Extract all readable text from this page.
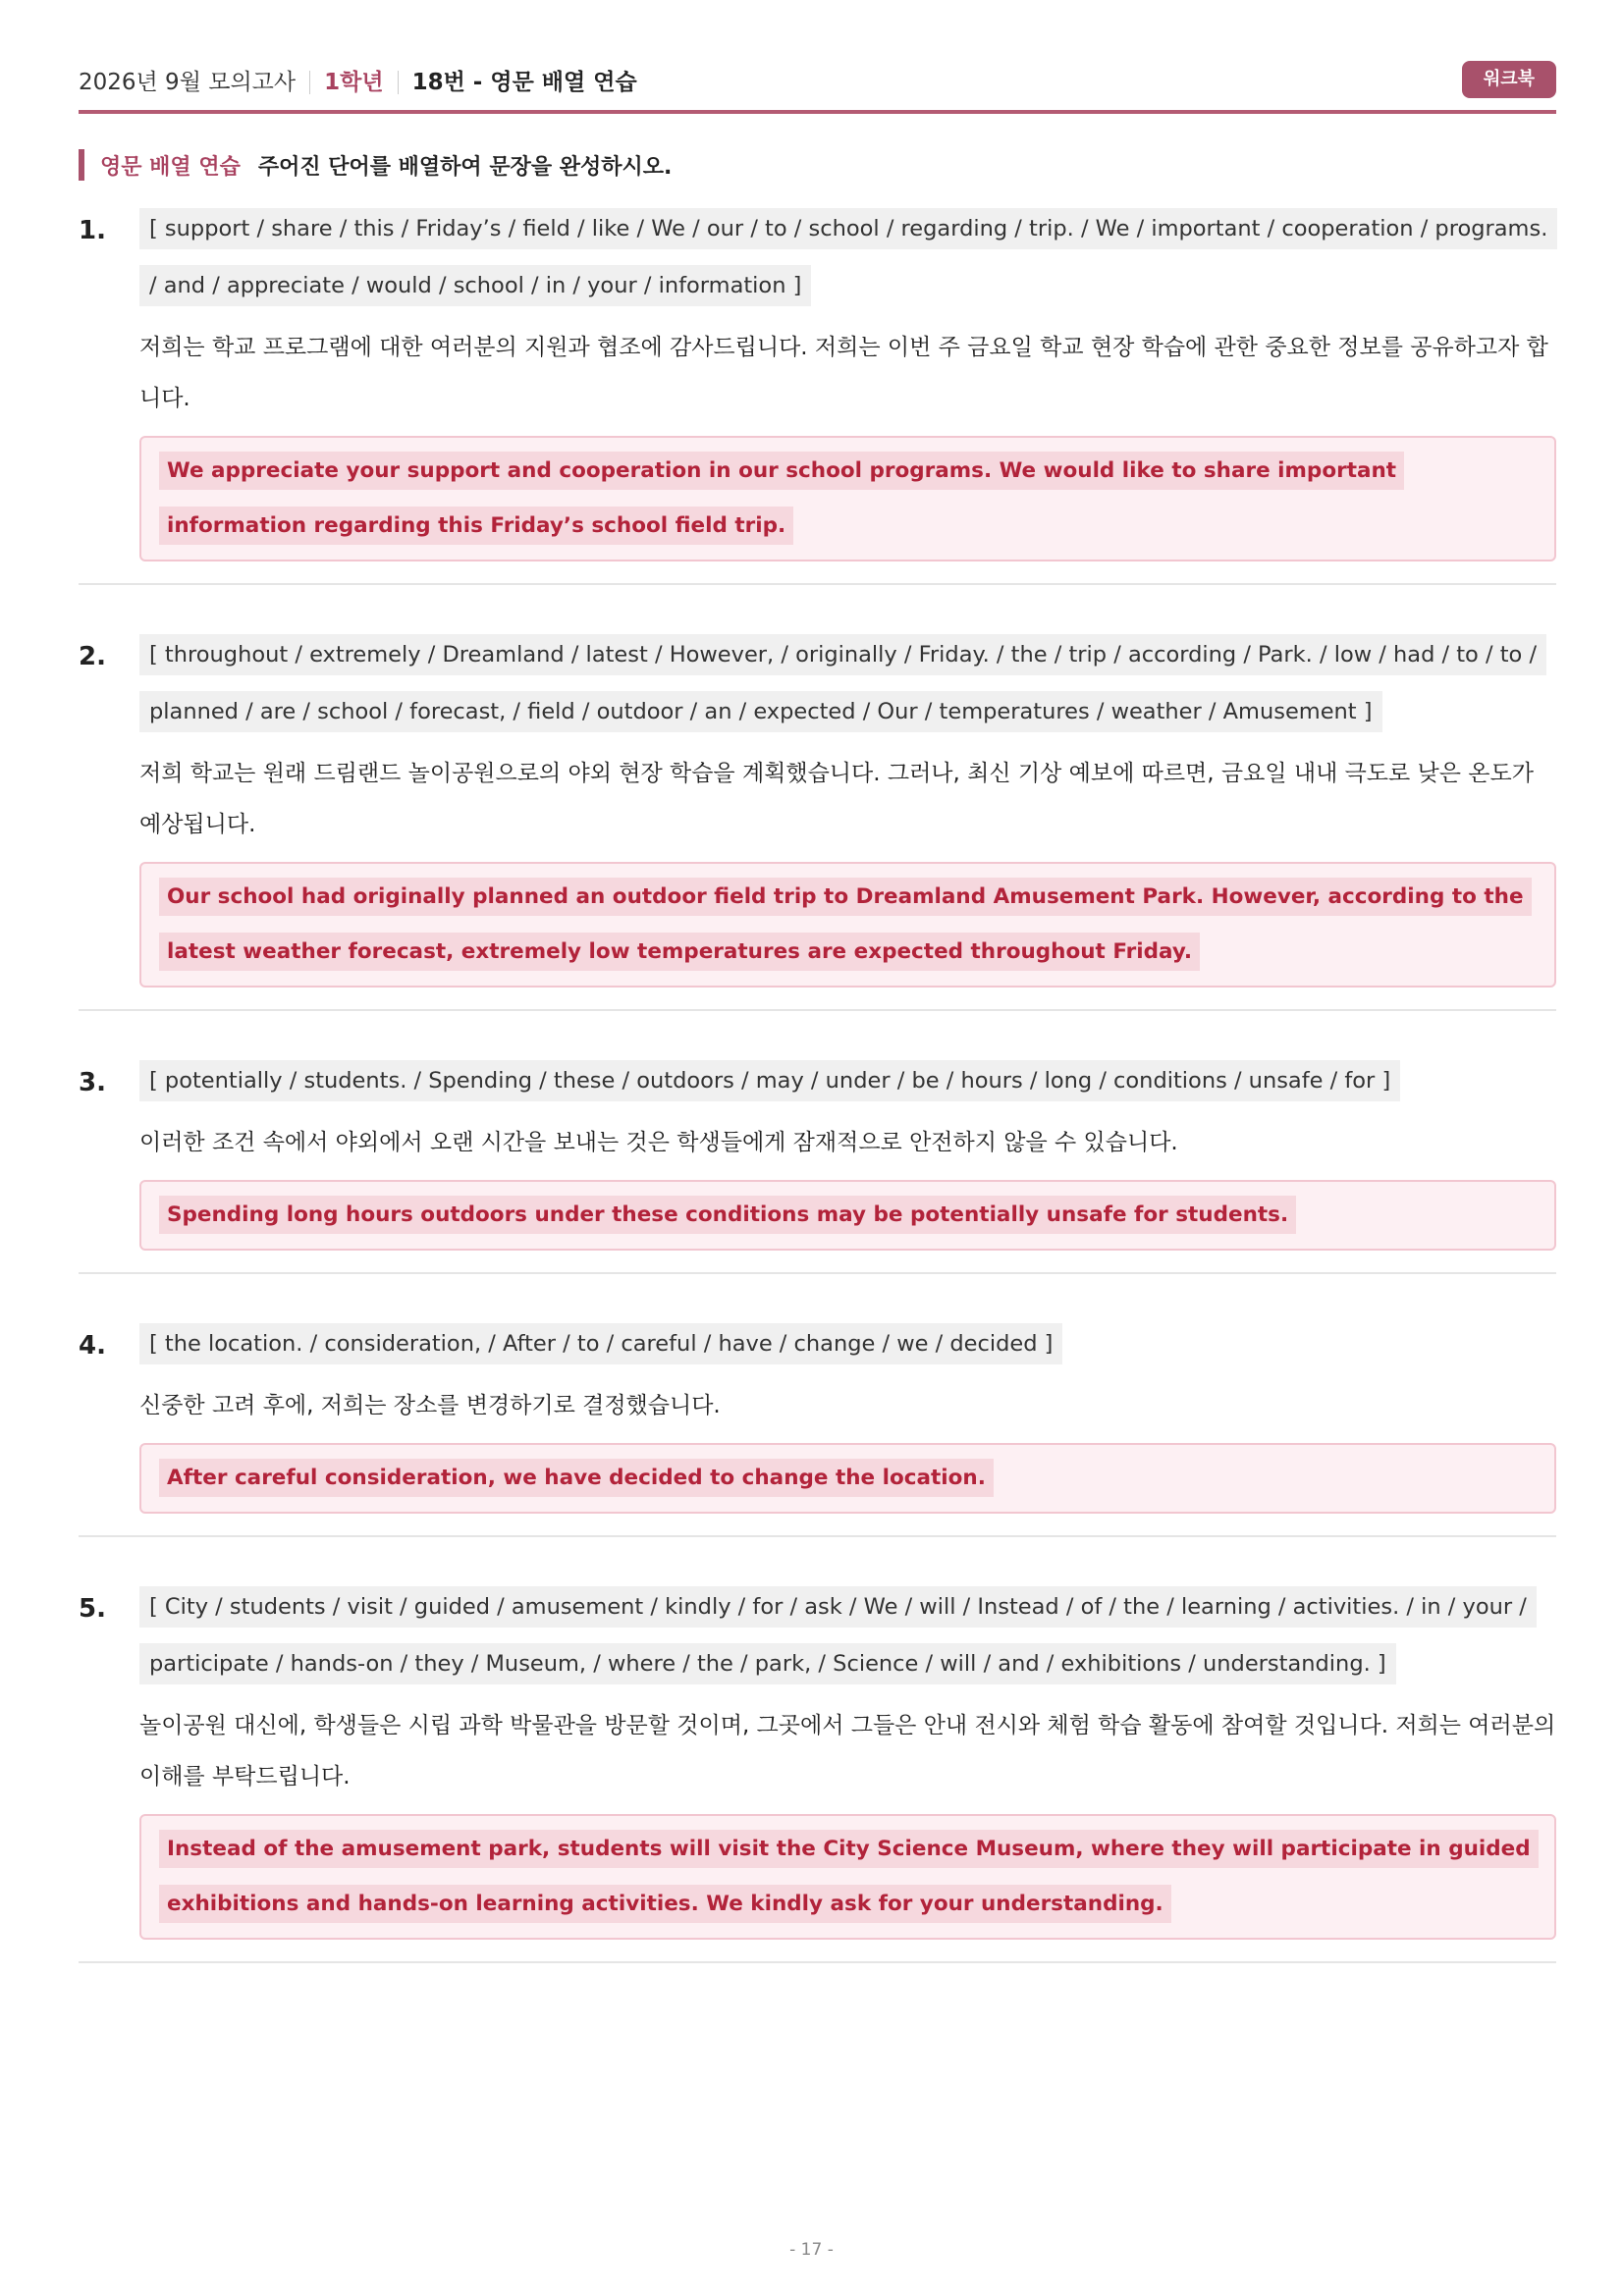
2026년 9월 모의고사 1학년 18번 - 영문 배열 연습	워크북
영문 배열 연습 주어진 단어를 배열하여 문장을 완성하시오.
1.	[ support / share / this / Friday’s / field / like / We / our / to / school / regarding / trip. / We / important / cooperation / programs. / and / appreciate / would / school / in / your / information ]
저희는 학교 프로그램에 대한 여러분의 지원과 협조에 감사드립니다. 저희는 이번 주 금요일 학교 현장 학습에 관한 중요한 정보를 공유하고자 합니다.
We appreciate your support and cooperation in our school programs. We would like to share important information regarding this Friday’s school field trip.
2.	[ throughout / extremely / Dreamland / latest / However, / originally / Friday. / the / trip / according / Park. / low / had / to / to / planned / are / school / forecast, / field / outdoor / an / expected / Our / temperatures / weather / Amusement ]
저희 학교는 원래 드림랜드 놀이공원으로의 야외 현장 학습을 계획했습니다. 그러나, 최신 기상 예보에 따르면, 금요일 내내 극도로 낮은 온도가 예상됩니다.
Our school had originally planned an outdoor field trip to Dreamland Amusement Park. However, according to the latest weather forecast, extremely low temperatures are expected throughout Friday.
3.	[ potentially / students. / Spending / these / outdoors / may / under / be / hours / long / conditions / unsafe / for ]
이러한 조건 속에서 야외에서 오랜 시간을 보내는 것은 학생들에게 잠재적으로 안전하지 않을 수 있습니다.
Spending long hours outdoors under these conditions may be potentially unsafe for students.
4.	[ the location. / consideration, / After / to / careful / have / change / we / decided ]
신중한 고려 후에, 저희는 장소를 변경하기로 결정했습니다.
After careful consideration, we have decided to change the location.
5.	[ City / students / visit / guided / amusement / kindly / for / ask / We / will / Instead / of / the / learning / activities. / in / your / participate / hands-on / they / Museum, / where / the / park, / Science / will / and / exhibitions / understanding. ]
놀이공원 대신에, 학생들은 시립 과학 박물관을 방문할 것이며, 그곳에서 그들은 안내 전시와 체험 학습 활동에 참여할 것입니다. 저희는 여러분의 이해를 부탁드립니다.
Instead of the amusement park, students will visit the City Science Museum, where they will participate in guided exhibitions and hands-on learning activities. We kindly ask for your understanding.
- 17 -
